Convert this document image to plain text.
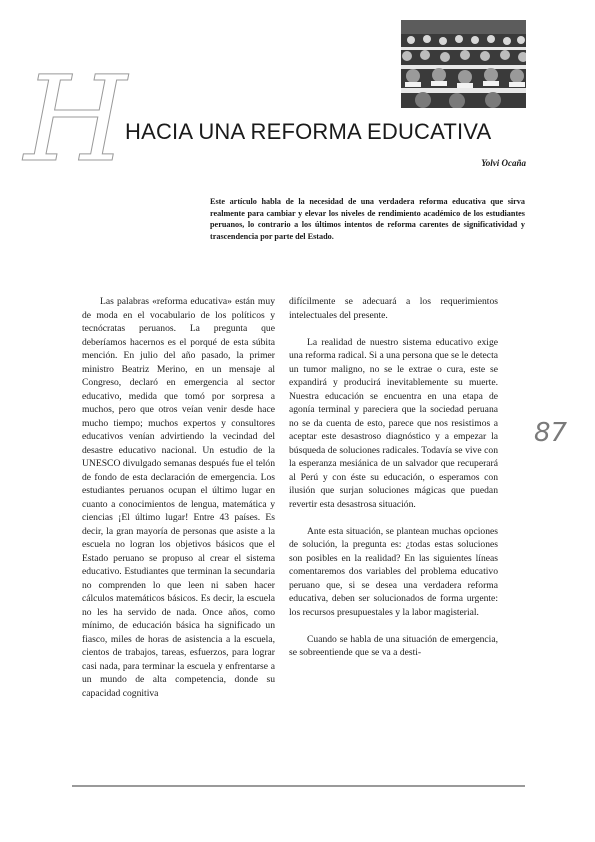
H
HACIA UNA REFORMA EDUCATIVA
Yolvi Ocaña
Este artículo habla de la necesidad de una verdadera reforma educativa que sirva realmente para cambiar y elevar los niveles de rendimiento académico de los estudiantes peruanos, lo contrario a los últimos intentos de reforma carentes de significatividad y trascendencia por parte del Estado.
87

Las palabras «reforma educativa» están muy de moda en el vocabulario de los políticos y tecnócratas peruanos. La pregunta que deberíamos hacernos es el porqué de esta súbita mención. En julio del año pasado, la primer ministro Beatriz Merino, en un mensaje al Congreso, declaró en emergencia al sector educativo, medida que tomó por sorpresa a muchos, pero que otros veían venir desde hace mucho tiempo; muchos expertos y consultores educativos venían advirtiendo la vecindad del desastre educativo nacional. Un estudio de la UNESCO divulgado semanas después fue el telón de fondo de esta declaración de emergencia. Los estudiantes peruanos ocupan el último lugar en cuanto a conocimientos de lengua, matemática y ciencias ¡El último lugar! Entre 43 países. Es decir, la gran mayoría de personas que asiste a la escuela no logran los objetivos básicos que el Estado peruano se propuso al crear el sistema educativo. Estudiantes que terminan la secundaria no comprenden lo que leen ni saben hacer cálculos matemáticos básicos. Es decir, la escuela no les ha servido de nada. Once años, como mínimo, de educación básica ha significado un fiasco, miles de horas de asistencia a la escuela, cientos de trabajos, tareas, esfuerzos, para lograr casi nada, para terminar la escuela y enfrentarse a un mundo de alta competencia, donde su capacidad cognitiva

difícilmente se adecuará a los requerimientos intelectuales del presente.

La realidad de nuestro sistema educativo exige una reforma radical. Si a una persona que se le detecta un tumor maligno, no se le extrae o cura, este se expandirá y producirá inevitablemente su muerte. Nuestra educación se encuentra en una etapa de agonía terminal y pareciera que la sociedad peruana no se da cuenta de esto, parece que nos resistimos a aceptar este desastroso diagnóstico y a empezar la búsqueda de soluciones radicales. Todavía se vive con la esperanza mesiánica de un salvador que recuperará al Perú y con éste su educación, o esperamos con ilusión que surjan soluciones mágicas que puedan revertir esta desastrosa situación.

Ante esta situación, se plantean muchas opciones de solución, la pregunta es: ¿todas estas soluciones son posibles en la realidad? En las siguientes líneas comentaremos dos variables del problema educativo peruano que, si se desea una verdadera reforma educativa, deben ser solucionados de forma urgente: los recursos presupuestales y la labor magisterial.

Cuando se habla de una situación de emergencia, se sobreentiende que se va a desti-
